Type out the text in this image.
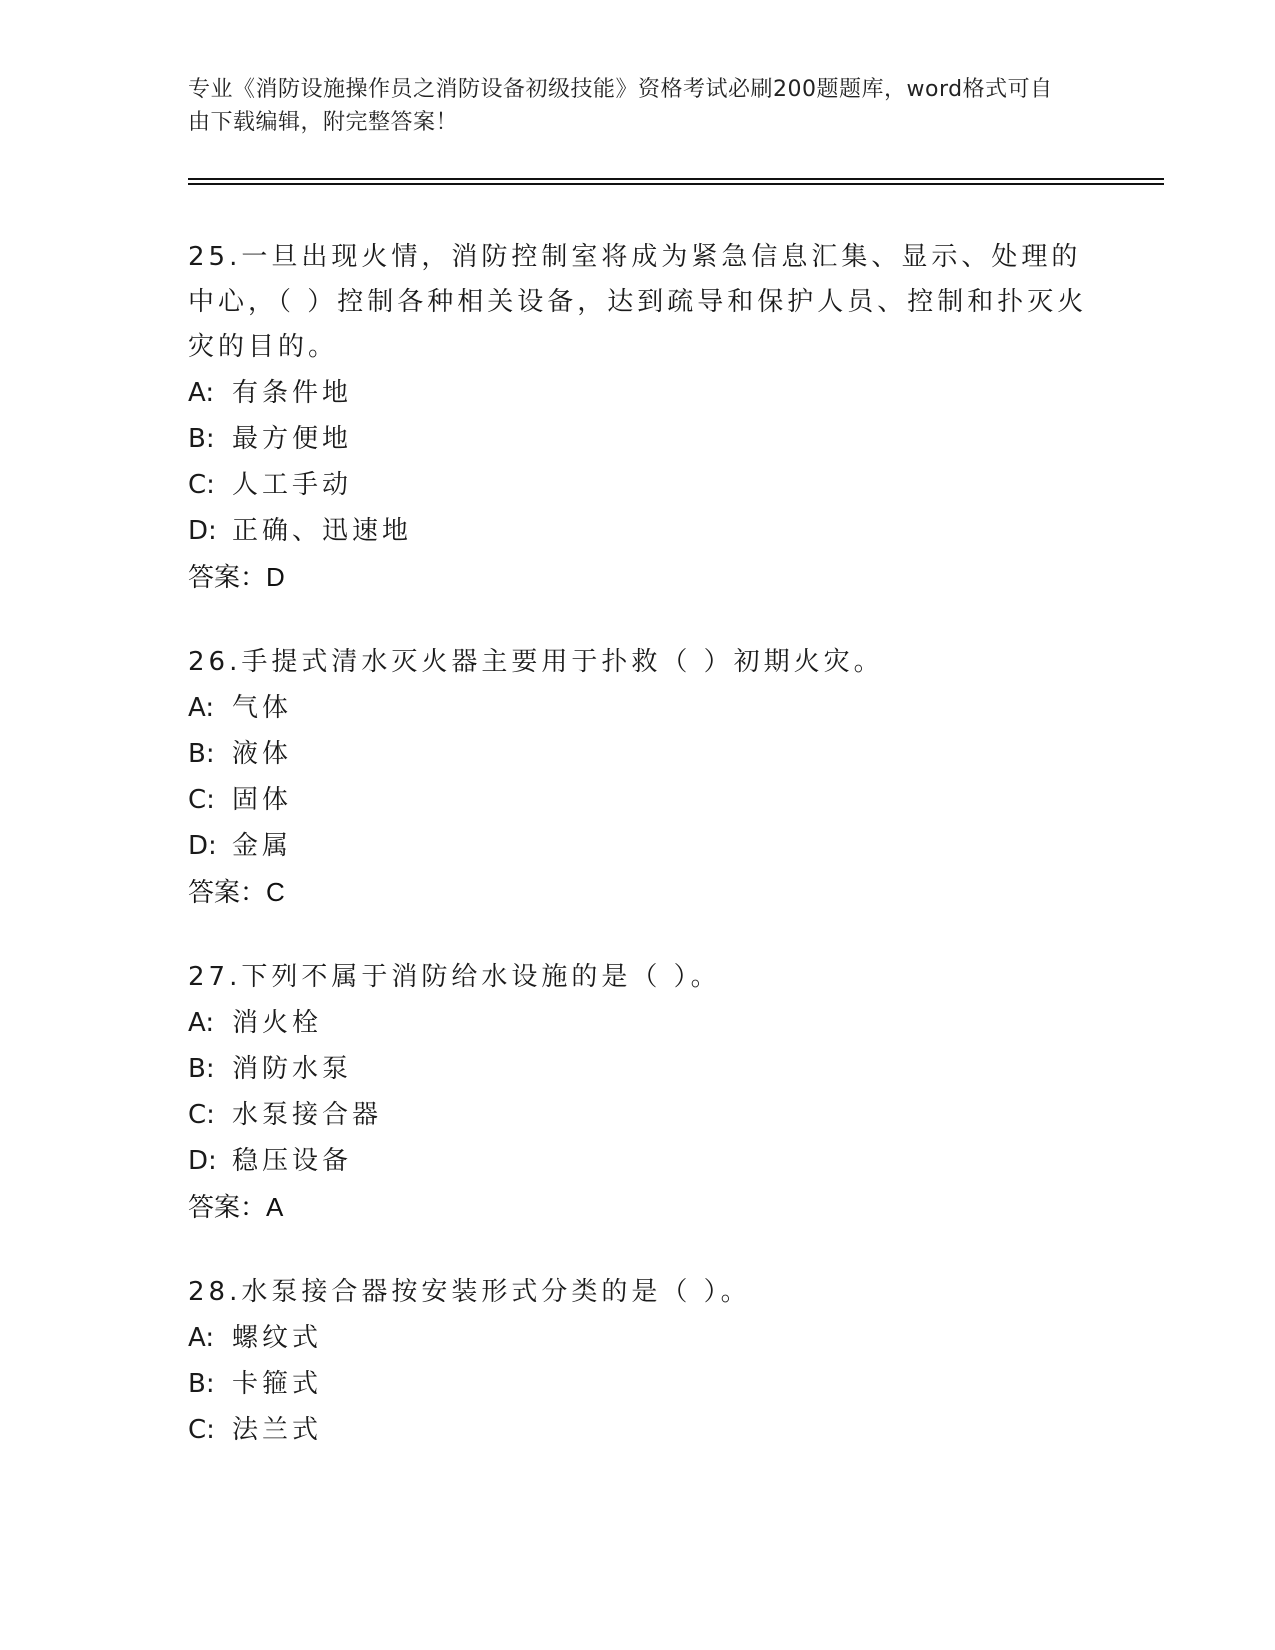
专业《消防设施操作员之消防设备初级技能》资格考试必刷200题题库，word格式可自由下载编辑，附完整答案！

25.一旦出现火情，消防控制室将成为紧急信息汇集、显示、处理的中心，（ ）控制各种相关设备，达到疏导和保护人员、控制和扑灭火灾的目的。

A: 有条件地
B: 最方便地
C: 人工手动
D: 正确、迅速地
答案：D

26.手提式清水灭火器主要用于扑救（ ）初期火灾。

A: 气体
B: 液体
C: 固体
D: 金属
答案：C

27.下列不属于消防给水设施的是（ ）。

A: 消火栓
B: 消防水泵
C: 水泵接合器
D: 稳压设备
答案：A

28.水泵接合器按安装形式分类的是（ ）。

A: 螺纹式
B: 卡箍式
C: 法兰式
